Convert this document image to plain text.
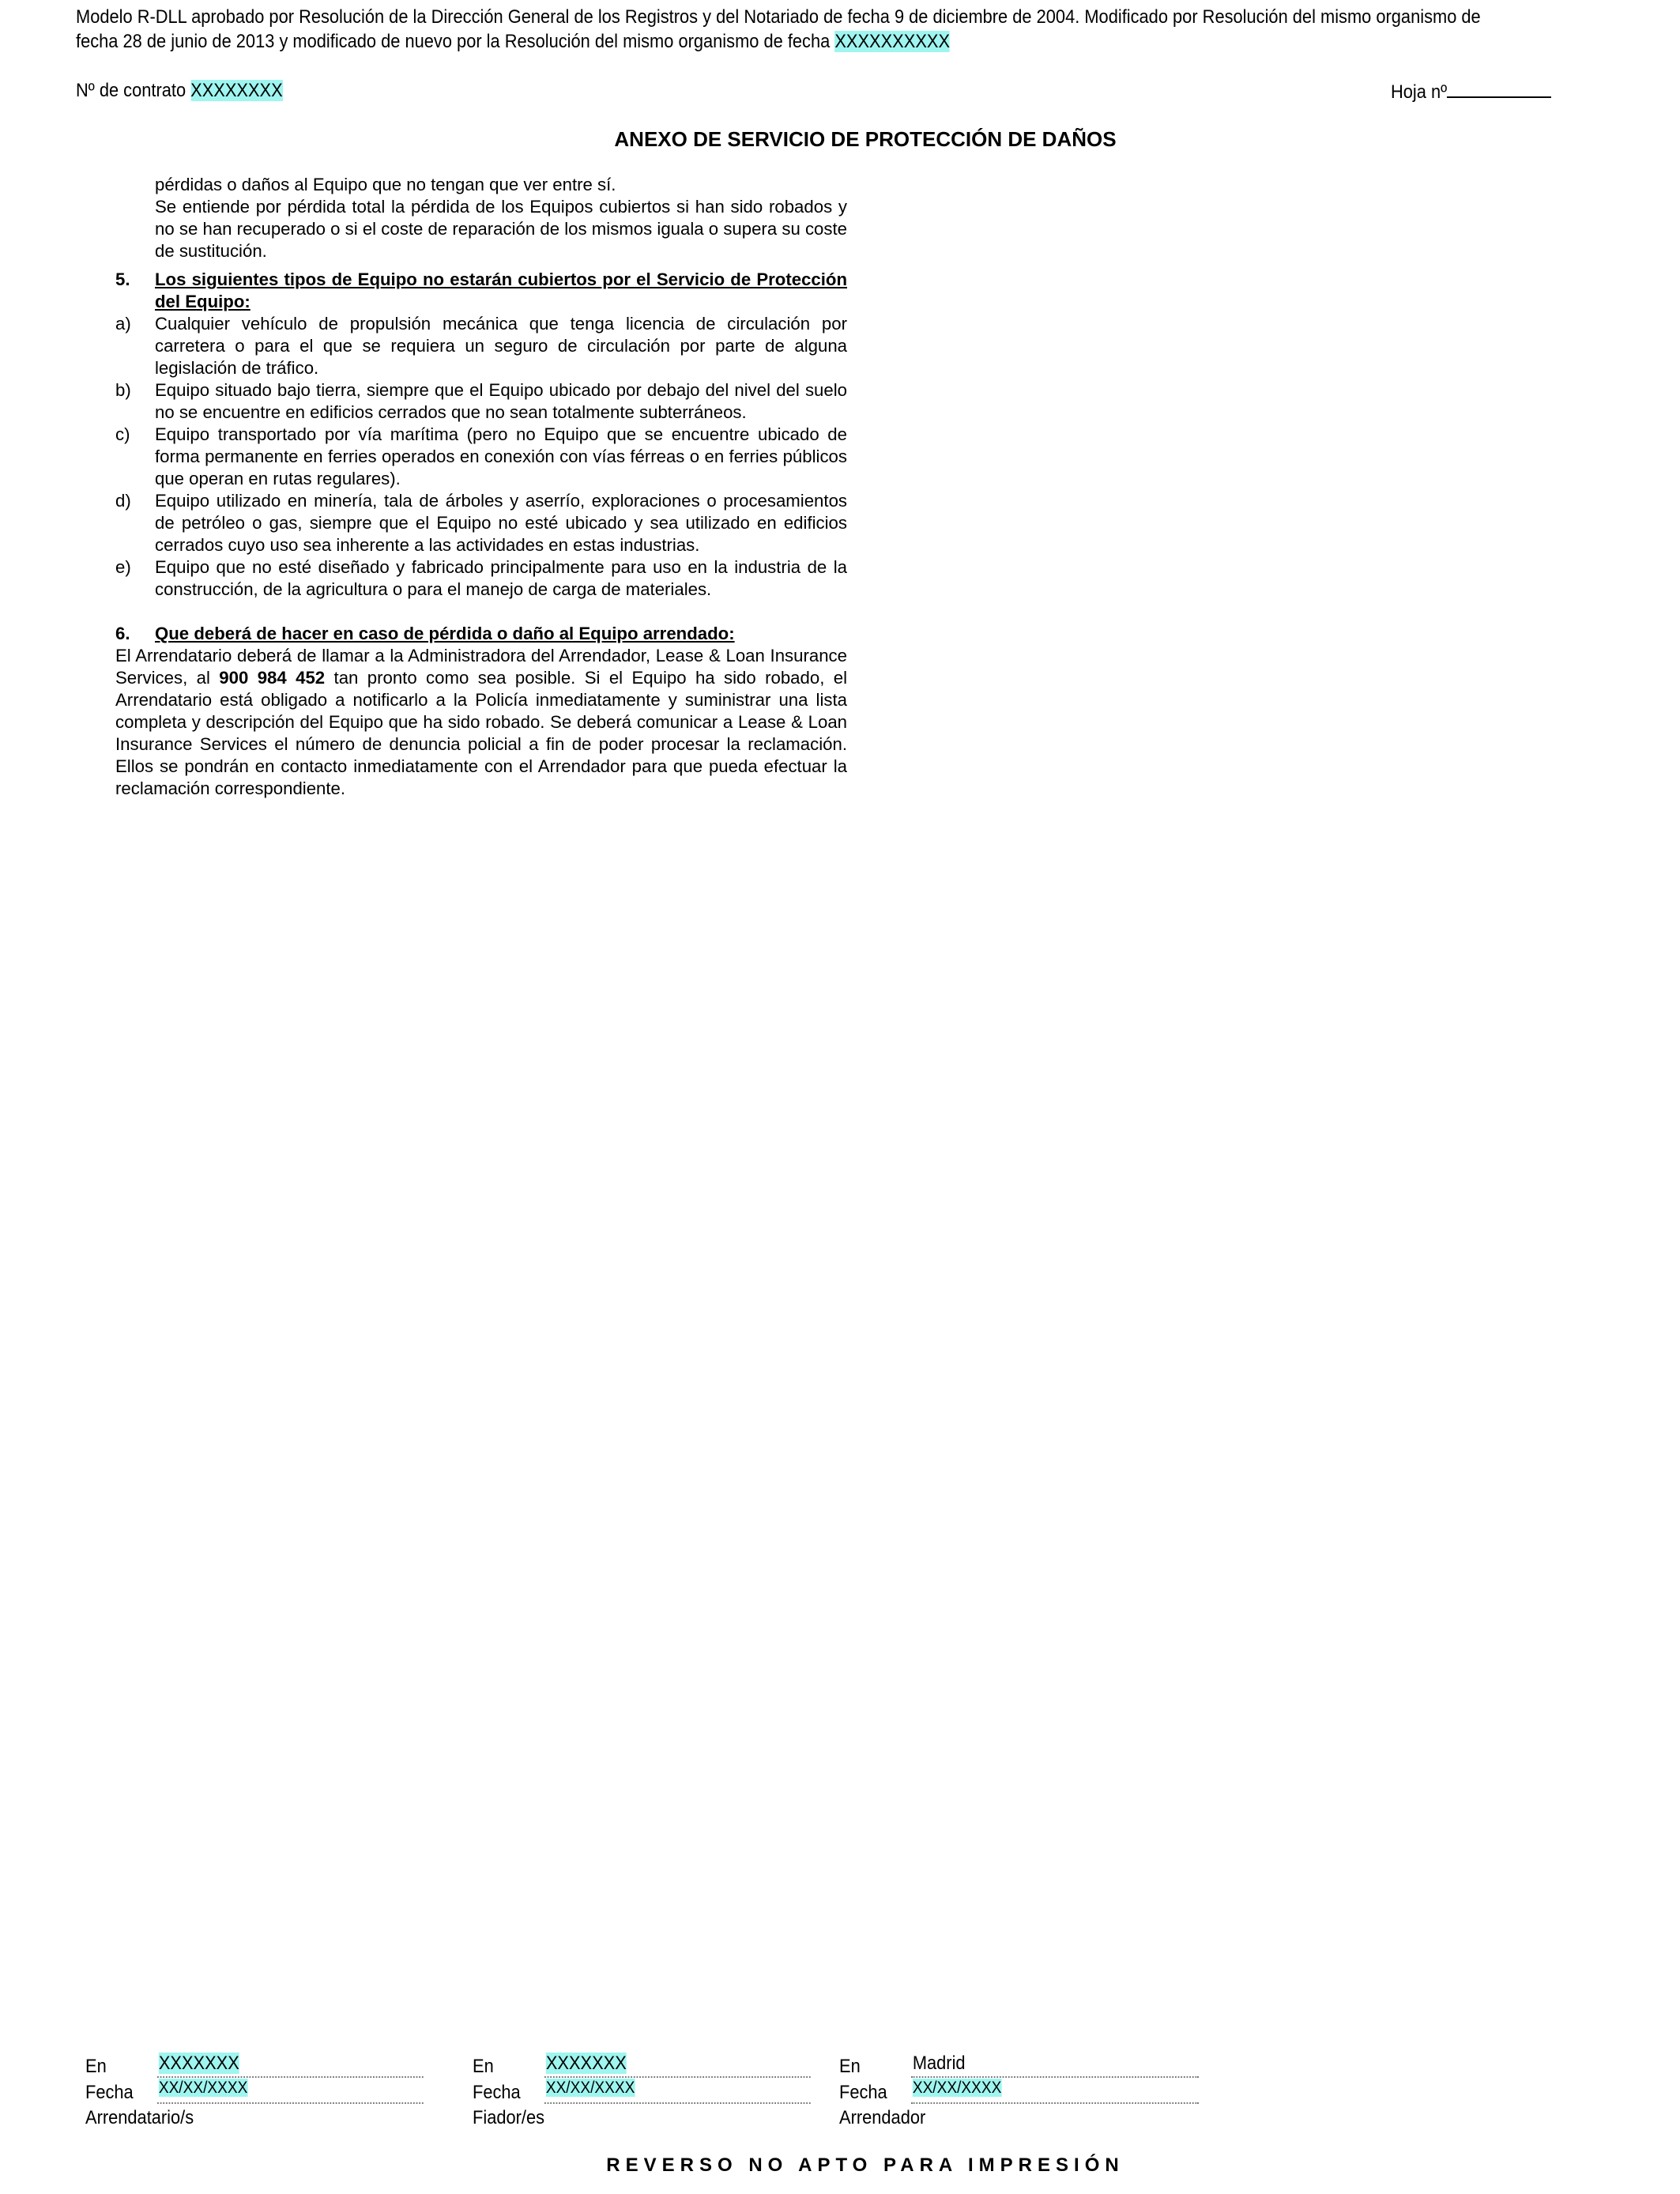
Modelo R-DLL aprobado por Resolución de la Dirección General de los Registros y del Notariado de fecha 9 de diciembre de 2004. Modificado por Resolución del mismo organismo de fecha 28 de junio de 2013 y modificado de nuevo por la Resolución del mismo organismo de fecha XXXXXXXXXX
Nº de contrato XXXXXXXX	Hoja nº
ANEXO DE SERVICIO DE PROTECCIÓN DE DAÑOS

pérdidas o daños al Equipo que no tengan que ver entre sí.

Se entiende por pérdida total la pérdida de los Equipos cubiertos si han sido robados y no se han recuperado o si el coste de reparación de los mismos iguala o supera su coste de sustitución.

5.	Los siguientes tipos de Equipo no estarán cubiertos por el Servicio de Protección del Equipo:
a)	Cualquier vehículo de propulsión mecánica que tenga licencia de circulación por carretera o para el que se requiera un seguro de circulación por parte de alguna legislación de tráfico.
b)	Equipo situado bajo tierra, siempre que el Equipo ubicado por debajo del nivel del suelo no se encuentre en edificios cerrados que no sean totalmente subterráneos.
c)	Equipo transportado por vía marítima (pero no Equipo que se encuentre ubicado de forma permanente en ferries operados en conexión con vías férreas o en ferries públicos que operan en rutas regulares).
d)	Equipo utilizado en minería, tala de árboles y aserrío, exploraciones o procesamientos de petróleo o gas, siempre que el Equipo no esté ubicado y sea utilizado en edificios cerrados cuyo uso sea inherente a las actividades en estas industrias.
e)	Equipo que no esté diseñado y fabricado principalmente para uso en la industria de la construcción, de la agricultura o para el manejo de carga de materiales.
6.	Que deberá de hacer en caso de pérdida o daño al Equipo arrendado:

El Arrendatario deberá de llamar a la Administradora del Arrendador, Lease & Loan Insurance Services, al 900 984 452 tan pronto como sea posible. Si el Equipo ha sido robado, el Arrendatario está obligado a notificarlo a la Policía inmediatamente y suministrar una lista completa y descripción del Equipo que ha sido robado. Se deberá comunicar a Lease & Loan Insurance Services el número de denuncia policial a fin de poder procesar la reclamación. Ellos se pondrán en contacto inmediatamente con el Arrendador para que pueda efectuar la reclamación correspondiente.

En	XXXXXXX
Fecha	XX/XX/XXXX
Arrendatario/s
En	XXXXXXX
Fecha	XX/XX/XXXX
Fiador/es
En	Madrid
Fecha	XX/XX/XXXX
Arrendador
REVERSO NO APTO PARA IMPRESIÓN
